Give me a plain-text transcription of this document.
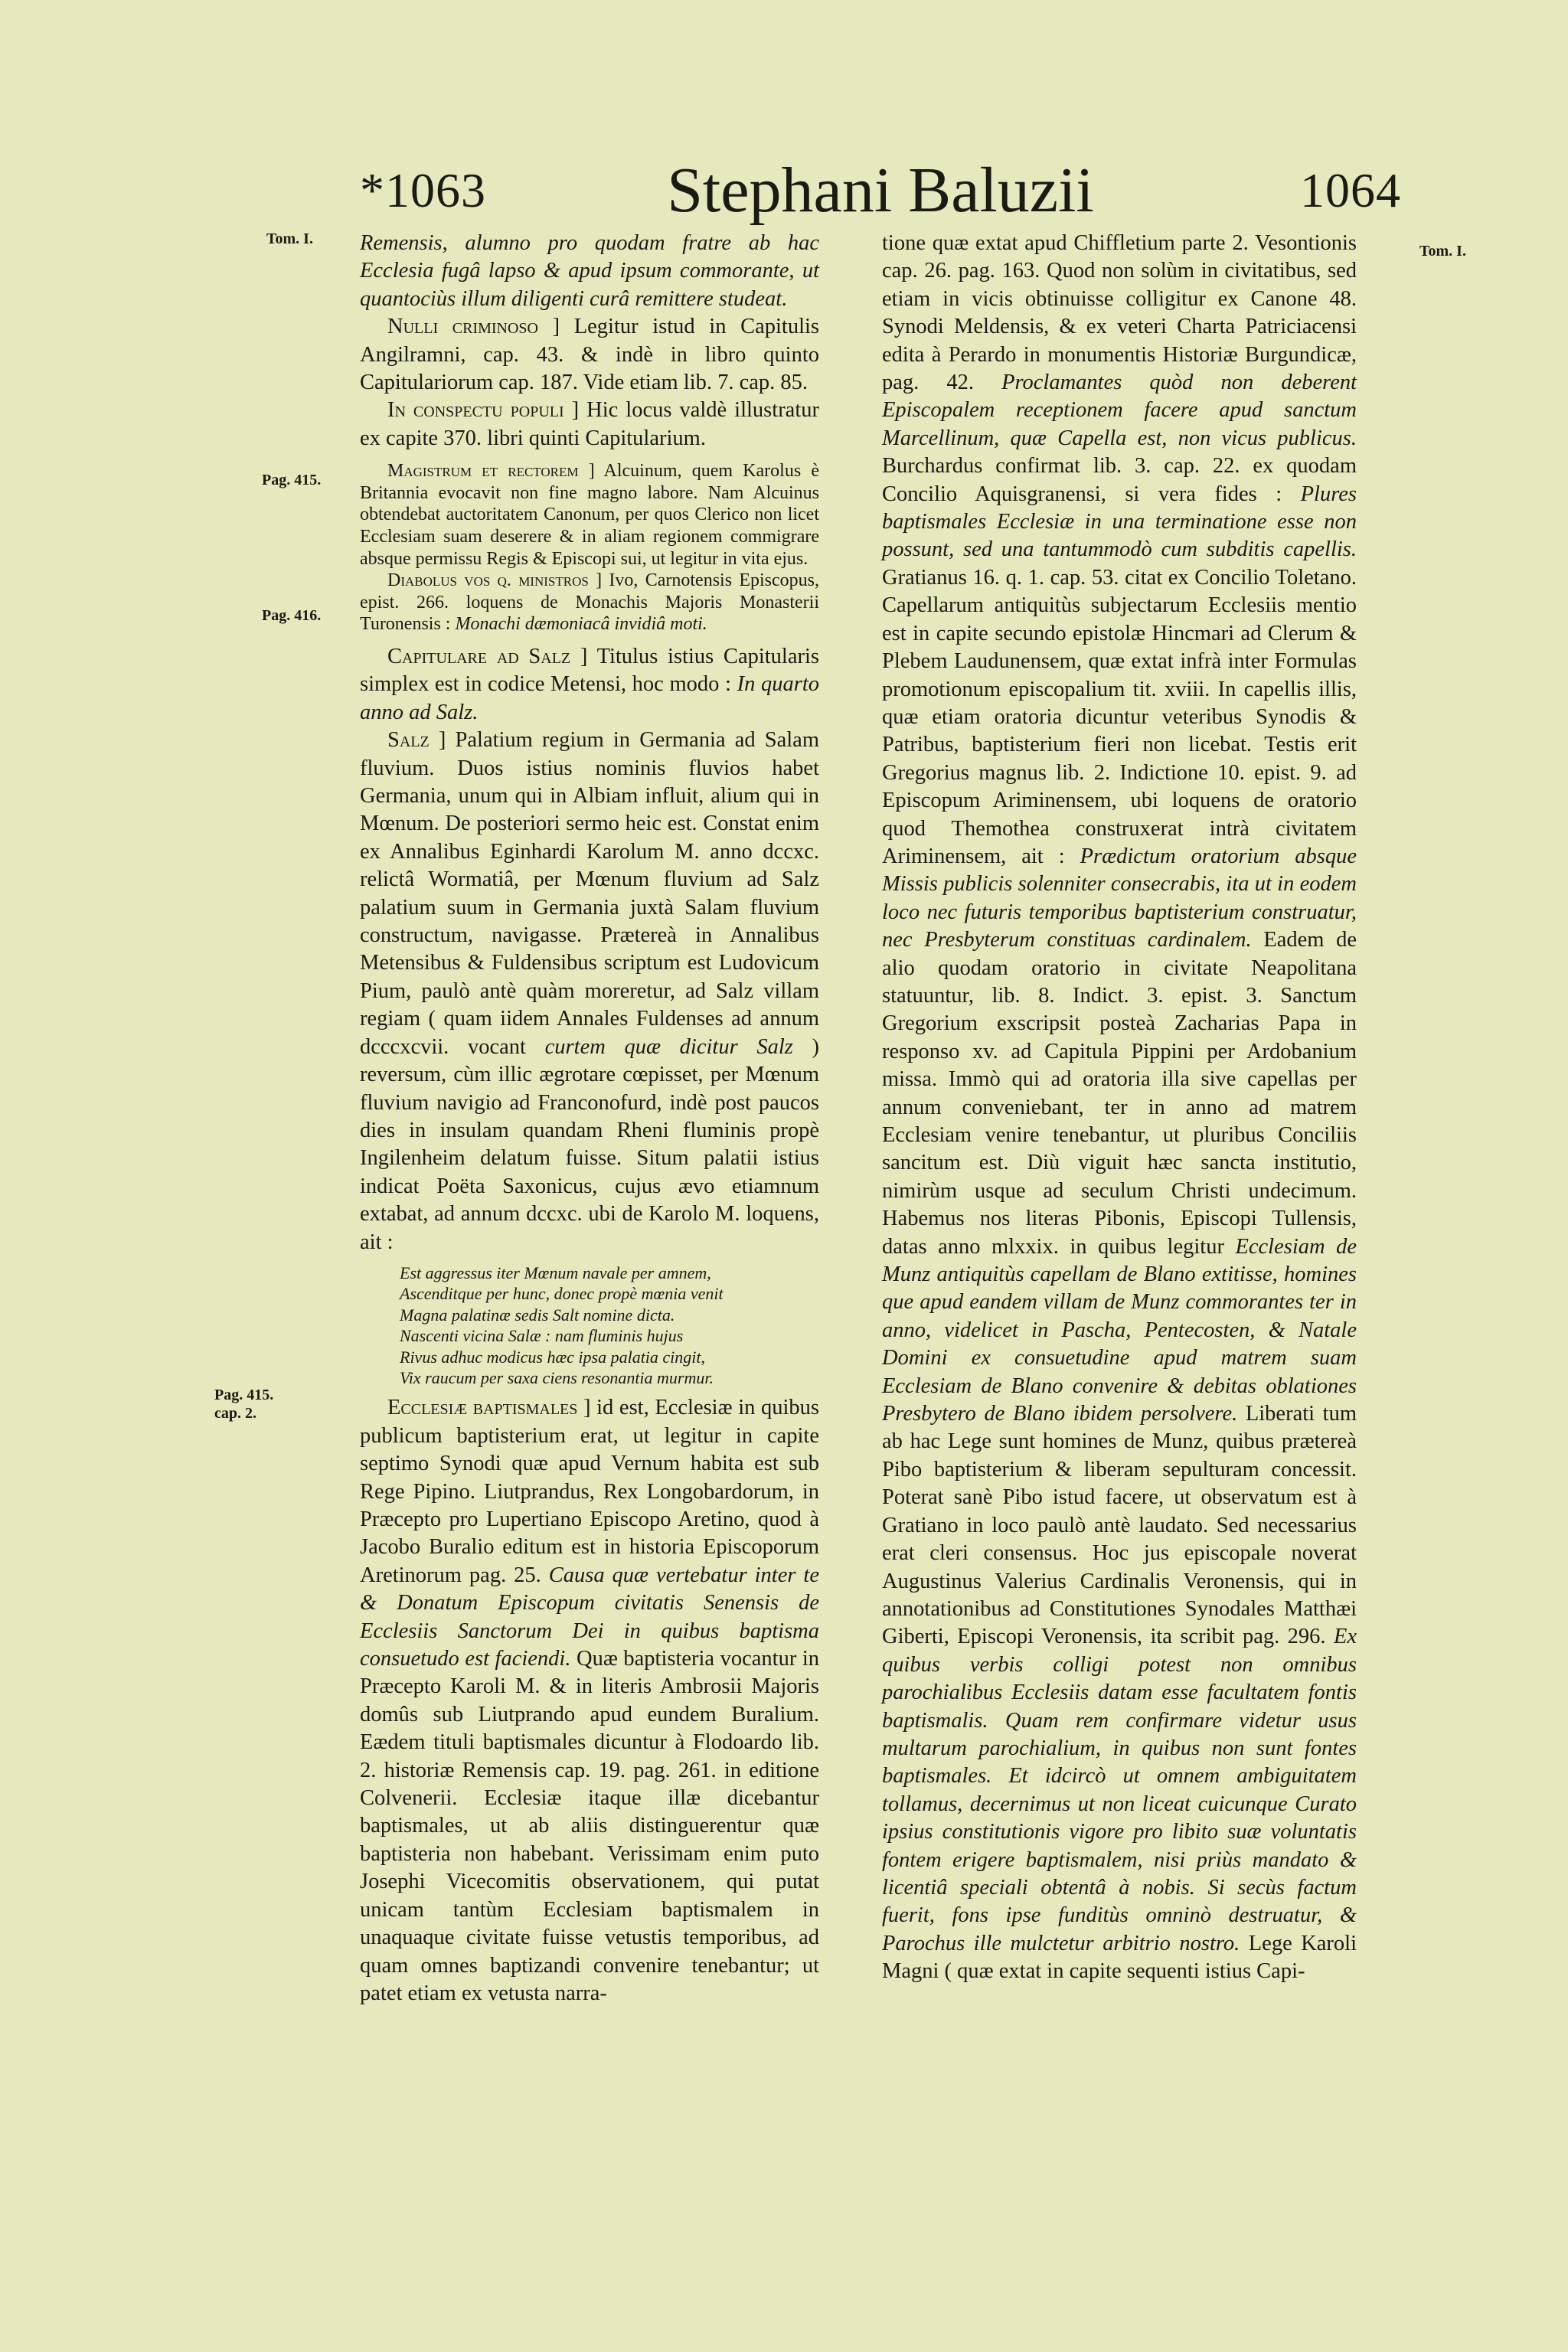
*1063	Stephani Baluzii	1064
Tom. I.
Pag. 415.
Pag. 416.
Pag. 415.
cap. 2.
Tom. I.

Remensis, alumno pro quodam fratre ab hac Ecclesia fugâ lapso & apud ipsum commorante, ut quantociùs illum diligenti curâ remittere studeat.

Nulli criminoso ] Legitur istud in Capitulis Angilramni, cap. 43. & indè in libro quinto Capitulariorum cap. 187. Vide etiam lib. 7. cap. 85.

In conspectu populi ] Hic locus valdè illustratur ex capite 370. libri quinti Capitularium.

Magistrum et rectorem ] Alcuinum, quem Karolus è Britannia evocavit non fine magno labore. Nam Alcuinus obtendebat auctoritatem Canonum, per quos Clerico non licet Ecclesiam suam deserere & in aliam regionem commigrare absque permissu Regis & Episcopi sui, ut legitur in vita ejus.

Diabolus vos q. ministros ] Ivo, Carnotensis Episcopus, epist. 266. loquens de Monachis Majoris Monasterii Turonensis : Monachi dæmoniacâ invidiâ moti.

Capitulare ad Salz ] Titulus istius Capitularis simplex est in codice Metensi, hoc modo : In quarto anno ad Salz.

Salz ] Palatium regium in Germania ad Salam fluvium. Duos istius nominis fluvios habet Germania, unum qui in Albiam influit, alium qui in Mœnum. De posteriori sermo heic est. Constat enim ex Annalibus Eginhardi Karolum M. anno dccxc. relictâ Wormatiâ, per Mœnum fluvium ad Salz palatium suum in Germania juxtà Salam fluvium constructum, navigasse. Prætereà in Annalibus Metensibus & Fuldensibus scriptum est Ludovicum Pium, paulò antè quàm moreretur, ad Salz villam regiam ( quam iidem Annales Fuldenses ad annum dcccxcvii. vocant curtem quæ dicitur Salz ) reversum, cùm illic ægrotare cœpisset, per Mœnum fluvium navigio ad Franconofurd, indè post paucos dies in insulam quandam Rheni fluminis propè Ingilenheim delatum fuisse. Situm palatii istius indicat Poëta Saxonicus, cujus ævo etiamnum extabat, ad annum dccxc. ubi de Karolo M. loquens, ait :

Est aggressus iter Mœnum navale per amnem,
Ascenditque per hunc, donec propè mœnia venit
Magna palatinæ sedis Salt nomine dicta.
Nascenti vicina Salæ : nam fluminis hujus
Rivus adhuc modicus hæc ipsa palatia cingit,
Vix raucum per saxa ciens resonantia murmur.

Ecclesiæ baptismales ] id est, Ecclesiæ in quibus publicum baptisterium erat, ut legitur in capite septimo Synodi quæ apud Vernum habita est sub Rege Pipino. Liutprandus, Rex Longobardorum, in Præcepto pro Lupertiano Episcopo Aretino, quod à Jacobo Buralio editum est in historia Episcoporum Aretinorum pag. 25. Causa quæ vertebatur inter te & Donatum Episcopum civitatis Senensis de Ecclesiis Sanctorum Dei in quibus baptisma consuetudo est faciendi. Quæ baptisteria vocantur in Præcepto Karoli M. & in literis Ambrosii Majoris domûs sub Liutprando apud eundem Buralium. Eædem tituli baptismales dicuntur à Flodoardo lib. 2. historiæ Remensis cap. 19. pag. 261. in editione Colvenerii. Ecclesiæ itaque illæ dicebantur baptismales, ut ab aliis distinguerentur quæ baptisteria non habebant. Verissimam enim puto Josephi Vicecomitis observationem, qui putat unicam tantùm Ecclesiam baptismalem in unaquaque civitate fuisse vetustis temporibus, ad quam omnes baptizandi convenire tenebantur; ut patet etiam ex vetusta narra-

tione quæ extat apud Chiffletium parte 2. Vesontionis cap. 26. pag. 163. Quod non solùm in civitatibus, sed etiam in vicis obtinuisse colligitur ex Canone 48. Synodi Meldensis, & ex veteri Charta Patriciacensi edita à Perardo in monumentis Historiæ Burgundicæ, pag. 42. Proclamantes quòd non deberent Episcopalem receptionem facere apud sanctum Marcellinum, quæ Capella est, non vicus publicus. Burchardus confirmat lib. 3. cap. 22. ex quodam Concilio Aquisgranensi, si vera fides : Plures baptismales Ecclesiæ in una terminatione esse non possunt, sed una tantummodò cum subditis capellis. Gratianus 16. q. 1. cap. 53. citat ex Concilio Toletano. Capellarum antiquitùs subjectarum Ecclesiis mentio est in capite secundo epistolæ Hincmari ad Clerum & Plebem Laudunensem, quæ extat infrà inter Formulas promotionum episcopalium tit. xviii. In capellis illis, quæ etiam oratoria dicuntur veteribus Synodis & Patribus, baptisterium fieri non licebat. Testis erit Gregorius magnus lib. 2. Indictione 10. epist. 9. ad Episcopum Ariminensem, ubi loquens de oratorio quod Themothea construxerat intrà civitatem Ariminensem, ait : Prædictum oratorium absque Missis publicis solenniter consecrabis, ita ut in eodem loco nec futuris temporibus baptisterium construatur, nec Presbyterum constituas cardinalem. Eadem de alio quodam oratorio in civitate Neapolitana statuuntur, lib. 8. Indict. 3. epist. 3. Sanctum Gregorium exscripsit posteà Zacharias Papa in responso xv. ad Capitula Pippini per Ardobanium missa. Immò qui ad oratoria illa sive capellas per annum conveniebant, ter in anno ad matrem Ecclesiam venire tenebantur, ut pluribus Conciliis sancitum est. Diù viguit hæc sancta institutio, nimirùm usque ad seculum Christi undecimum. Habemus nos literas Pibonis, Episcopi Tullensis, datas anno mlxxix. in quibus legitur Ecclesiam de Munz antiquitùs capellam de Blano extitisse, homines que apud eandem villam de Munz commorantes ter in anno, videlicet in Pascha, Pentecosten, & Natale Domini ex consuetudine apud matrem suam Ecclesiam de Blano convenire & debitas oblationes Presbytero de Blano ibidem persolvere. Liberati tum ab hac Lege sunt homines de Munz, quibus prætereà Pibo baptisterium & liberam sepulturam concessit. Poterat sanè Pibo istud facere, ut observatum est à Gratiano in loco paulò antè laudato. Sed necessarius erat cleri consensus. Hoc jus episcopale noverat Augustinus Valerius Cardinalis Veronensis, qui in annotationibus ad Constitutiones Synodales Matthæi Giberti, Episcopi Veronensis, ita scribit pag. 296. Ex quibus verbis colligi potest non omnibus parochialibus Ecclesiis datam esse facultatem fontis baptismalis. Quam rem confirmare videtur usus multarum parochialium, in quibus non sunt fontes baptismales. Et idcircò ut omnem ambiguitatem tollamus, decernimus ut non liceat cuicunque Curato ipsius constitutionis vigore pro libito suæ voluntatis fontem erigere baptismalem, nisi priùs mandato & licentiâ speciali obtentâ à nobis. Si secùs factum fuerit, fons ipse funditùs omninò destruatur, & Parochus ille mulctetur arbitrio nostro. Lege Karoli Magni ( quæ extat in capite sequenti istius Capi-
